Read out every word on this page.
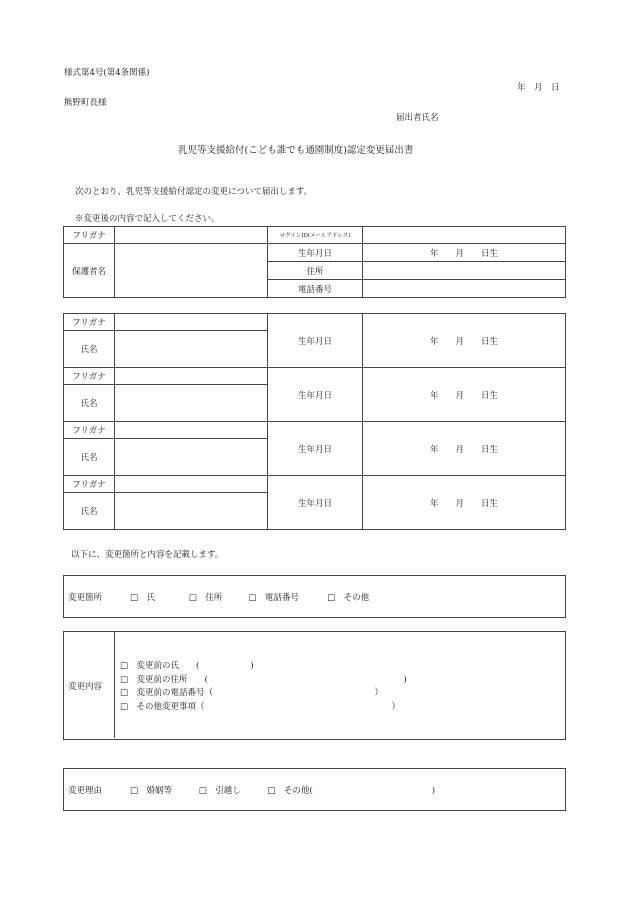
様式第4号(第4条関係)
年　月　日
熊野町長様
届出者氏名
乳児等支援給付(こども誰でも通園制度)認定変更届出書
次のとおり、乳児等支援給付認定の変更について届出します。
※変更後の内容で記入してください。
フリガナ		ログインID(メールアドレス)	
保護者名		生年月日	年　　月　　日生
		住所	
		電話番号	
フリガナ		生年月日	年　　月　　日生
氏名			
フリガナ		生年月日	年　　月　　日生
氏名			
フリガナ		生年月日	年　　月　　日生
氏名			
フリガナ		生年月日	年　　月　　日生
氏名			
以下に、変更箇所と内容を記載します。
変更箇所	□　氏	□　住所	□　電話番号	□　その他
変更内容
□　変更前の氏　　(　　　　　　)
□　変更前の住所　　(　　　　　　　　　　　　　　　　　　　　　　　)
□　変更前の電話番号（　　　　　　　　　　　　　　　　　　　）
□　その他変更事項（　　　　　　　　　　　　　　　　　　　　　　）
変更理由	□　婚姻等	□　引越し	□　その他(　　　　　　　　　　　　　　)
